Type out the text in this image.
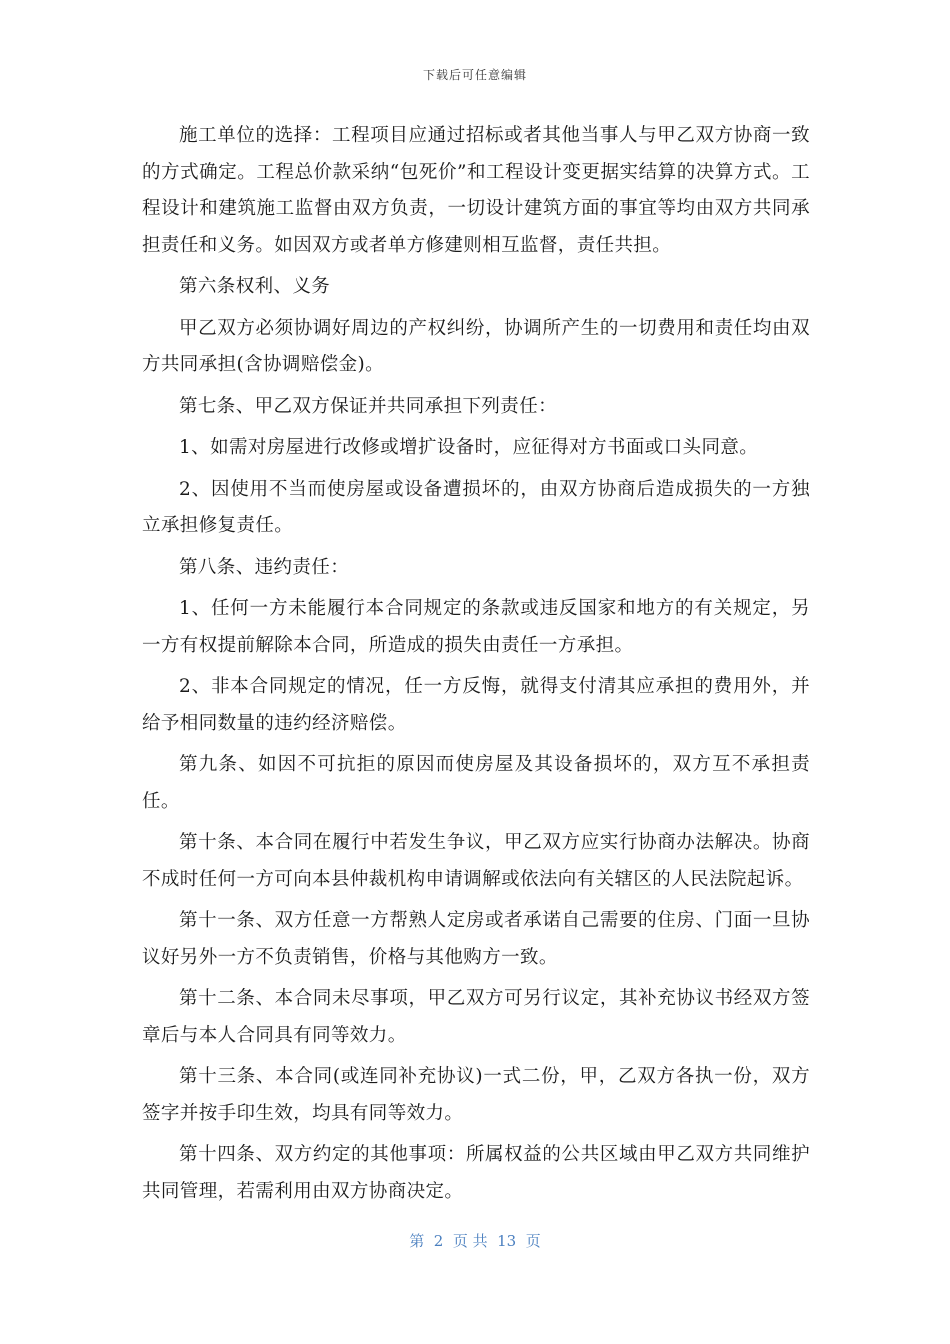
下载后可任意编辑

施工单位的选择：工程项目应通过招标或者其他当事人与甲乙双方协商一致的方式确定。工程总价款采纳“包死价”和工程设计变更据实结算的决算方式。工程设计和建筑施工监督由双方负责，一切设计建筑方面的事宜等均由双方共同承担责任和义务。如因双方或者单方修建则相互监督，责任共担。

第六条权利、义务

甲乙双方必须协调好周边的产权纠纷，协调所产生的一切费用和责任均由双方共同承担(含协调赔偿金)。

第七条、甲乙双方保证并共同承担下列责任：

1、如需对房屋进行改修或增扩设备时，应征得对方书面或口头同意。

2、因使用不当而使房屋或设备遭损坏的，由双方协商后造成损失的一方独立承担修复责任。

第八条、违约责任：

1、任何一方未能履行本合同规定的条款或违反国家和地方的有关规定，另一方有权提前解除本合同，所造成的损失由责任一方承担。

2、非本合同规定的情况，任一方反悔，就得支付清其应承担的费用外，并给予相同数量的违约经济赔偿。

第九条、如因不可抗拒的原因而使房屋及其设备损坏的，双方互不承担责任。

第十条、本合同在履行中若发生争议，甲乙双方应实行协商办法解决。协商不成时任何一方可向本县仲裁机构申请调解或依法向有关辖区的人民法院起诉。

第十一条、双方任意一方帮熟人定房或者承诺自己需要的住房、门面一旦协议好另外一方不负责销售，价格与其他购方一致。

第十二条、本合同未尽事项，甲乙双方可另行议定，其补充协议书经双方签章后与本人合同具有同等效力。

第十三条、本合同(或连同补充协议)一式二份，甲，乙双方各执一份，双方签字并按手印生效，均具有同等效力。

第十四条、双方约定的其他事项：所属权益的公共区域由甲乙双方共同维护共同管理，若需利用由双方协商决定。

第  2  页 共  13  页
